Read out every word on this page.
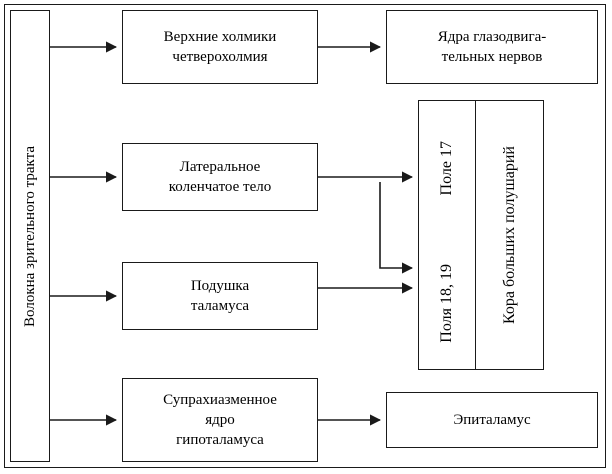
Волокна зрительного тракта
Верхние холмики
четверохолмия
Ядра глазодвига-
тельных нервов
Латеральное
коленчатое тело
Подушка
таламуса
Супрахиазменное
ядро
гипоталамуса
Эпиталамус
Поле 17
Поля 18, 19	Кора больших полушарий
